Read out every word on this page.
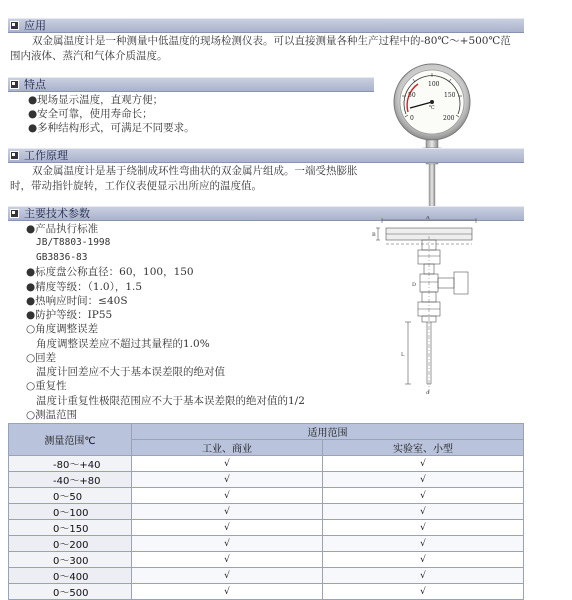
应用
双金属温度计是一种测量中低温度的现场检测仪表。可以直接测量各种生产过程中的-80℃～+500℃范围内液体、蒸汽和气体介质温度。
特点
●现场显示温度，直观方便；
●安全可靠，使用寿命长；
●多种结构形式，可满足不同要求。
100
50	150
0	200
℃
工作原理
双金属温度计是基于绕制成环性弯曲状的双金属片组成。一端受热膨胀时，带动指针旋转，工作仪表便显示出所应的温度值。
主要技术参数
●产品执行标准
JB/T8803-1998
GB3836-83
●标度盘公称直径：60，100，150
●精度等级：（1.0），1.5
●热响应时间：≤40S
●防护等级：IP55
○角度调整误差
角度调整误差应不超过其量程的1.0%
○回差
温度计回差应不大于基本误差限的绝对值
○重复性
温度计重复性极限范围应不大于基本误差限的绝对值的1/2
○测温范围
A
B
D
L
d
测量范围℃	适用范围	
	工业、商业	实验室、小型
-80～+40	√	√
-40～+80	√	√
0～50	√	√
0～100	√	√
0～150	√	√
0～200	√	√
0～300	√	√
0～400	√	√
0～500	√	√
